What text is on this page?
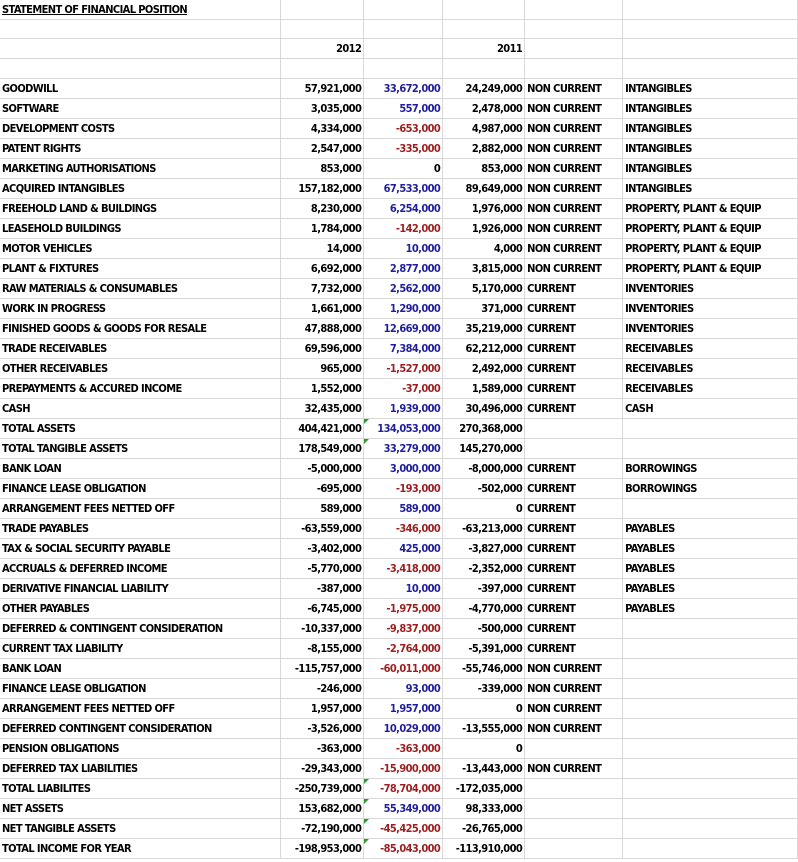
STATEMENT OF FINANCIAL POSITION					

	2012		2011		

GOODWILL	57,921,000	33,672,000	24,249,000	NON CURRENT	INTANGIBLES
SOFTWARE	3,035,000	557,000	2,478,000	NON CURRENT	INTANGIBLES
DEVELOPMENT COSTS	4,334,000	-653,000	4,987,000	NON CURRENT	INTANGIBLES
PATENT RIGHTS	2,547,000	-335,000	2,882,000	NON CURRENT	INTANGIBLES
MARKETING AUTHORISATIONS	853,000	0	853,000	NON CURRENT	INTANGIBLES
ACQUIRED INTANGIBLES	157,182,000	67,533,000	89,649,000	NON CURRENT	INTANGIBLES
FREEHOLD LAND & BUILDINGS	8,230,000	6,254,000	1,976,000	NON CURRENT	PROPERTY, PLANT & EQUIP
LEASEHOLD BUILDINGS	1,784,000	-142,000	1,926,000	NON CURRENT	PROPERTY, PLANT & EQUIP
MOTOR VEHICLES	14,000	10,000	4,000	NON CURRENT	PROPERTY, PLANT & EQUIP
PLANT & FIXTURES	6,692,000	2,877,000	3,815,000	NON CURRENT	PROPERTY, PLANT & EQUIP
RAW MATERIALS & CONSUMABLES	7,732,000	2,562,000	5,170,000	CURRENT	INVENTORIES
WORK IN PROGRESS	1,661,000	1,290,000	371,000	CURRENT	INVENTORIES
FINISHED GOODS & GOODS FOR RESALE	47,888,000	12,669,000	35,219,000	CURRENT	INVENTORIES
TRADE RECEIVABLES	69,596,000	7,384,000	62,212,000	CURRENT	RECEIVABLES
OTHER RECEIVABLES	965,000	-1,527,000	2,492,000	CURRENT	RECEIVABLES
PREPAYMENTS & ACCURED INCOME	1,552,000	-37,000	1,589,000	CURRENT	RECEIVABLES
CASH	32,435,000	1,939,000	30,496,000	CURRENT	CASH
TOTAL ASSETS	404,421,000	134,053,000	270,368,000		
TOTAL TANGIBLE ASSETS	178,549,000	33,279,000	145,270,000		
BANK LOAN	-5,000,000	3,000,000	-8,000,000	CURRENT	BORROWINGS
FINANCE LEASE OBLIGATION	-695,000	-193,000	-502,000	CURRENT	BORROWINGS
ARRANGEMENT FEES NETTED OFF	589,000	589,000	0	CURRENT	
TRADE PAYABLES	-63,559,000	-346,000	-63,213,000	CURRENT	PAYABLES
TAX & SOCIAL SECURITY PAYABLE	-3,402,000	425,000	-3,827,000	CURRENT	PAYABLES
ACCRUALS & DEFERRED INCOME	-5,770,000	-3,418,000	-2,352,000	CURRENT	PAYABLES
DERIVATIVE FINANCIAL LIABILITY	-387,000	10,000	-397,000	CURRENT	PAYABLES
OTHER PAYABLES	-6,745,000	-1,975,000	-4,770,000	CURRENT	PAYABLES
DEFERRED & CONTINGENT CONSIDERATION	-10,337,000	-9,837,000	-500,000	CURRENT	
CURRENT TAX LIABILITY	-8,155,000	-2,764,000	-5,391,000	CURRENT	
BANK LOAN	-115,757,000	-60,011,000	-55,746,000	NON CURRENT	
FINANCE LEASE OBLIGATION	-246,000	93,000	-339,000	NON CURRENT	
ARRANGEMENT FEES NETTED OFF	1,957,000	1,957,000	0	NON CURRENT	
DEFERRED CONTINGENT CONSIDERATION	-3,526,000	10,029,000	-13,555,000	NON CURRENT	
PENSION OBLIGATIONS	-363,000	-363,000	0		
DEFERRED TAX LIABILITIES	-29,343,000	-15,900,000	-13,443,000	NON CURRENT	
TOTAL LIABILITES	-250,739,000	-78,704,000	-172,035,000		
NET ASSETS	153,682,000	55,349,000	98,333,000		
NET TANGIBLE ASSETS	-72,190,000	-45,425,000	-26,765,000		
TOTAL INCOME FOR YEAR	-198,953,000	-85,043,000	-113,910,000		
